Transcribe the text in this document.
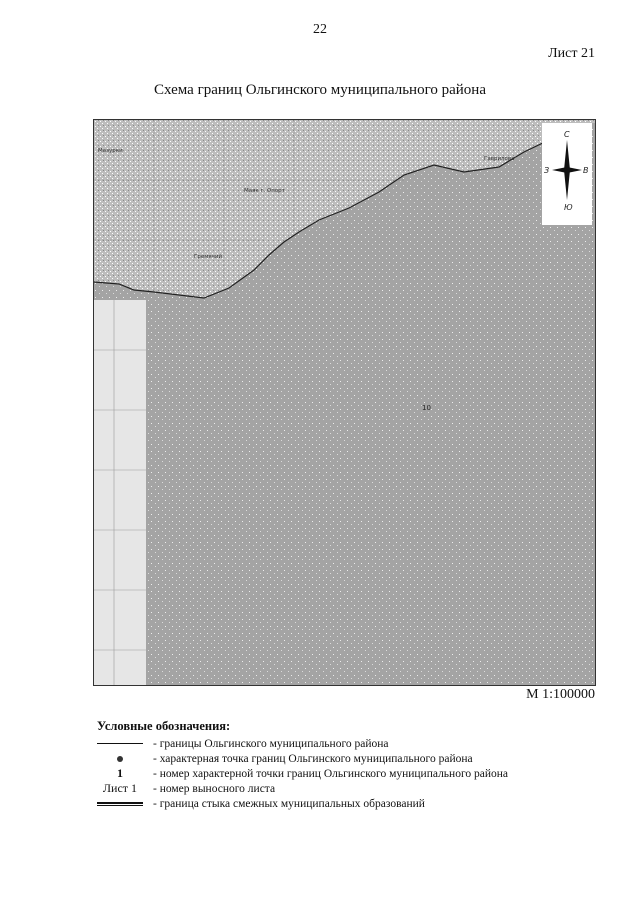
22
Лист 21
Схема границ Ольгинского муниципального района
Мазурки
Маяк г. Опорт
Гремячий
Гаврилова
10
С
Ю
З	В
М 1:100000
Условные обозначения:
- границы Ольгинского муниципального района
- характерная точка границ Ольгинского муниципального района
1	- номер характерной точки границ Ольгинского муниципального района
Лист 1 - номер выносного листа
- граница стыка смежных муниципальных образований
